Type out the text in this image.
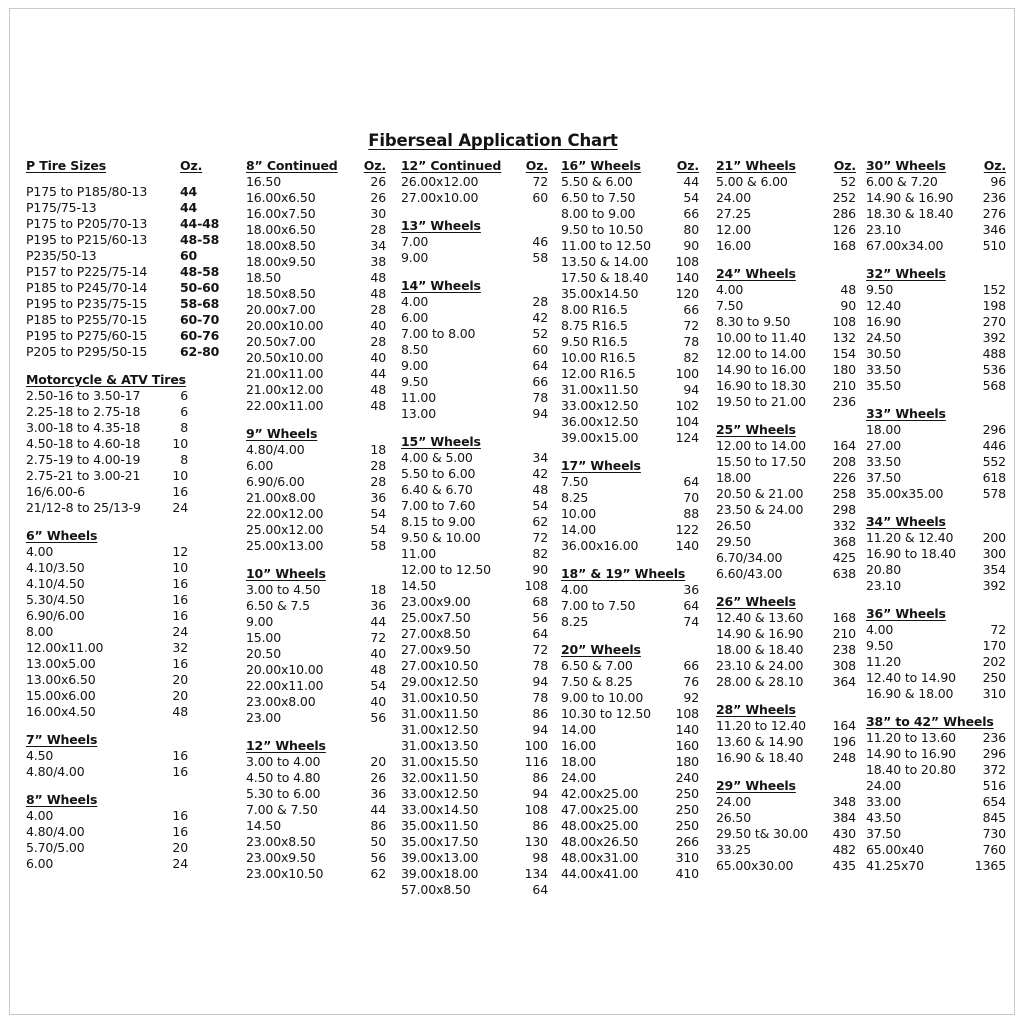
Fiberseal Application Chart
P Tire Sizes	Oz.
P175 to P185/80-13	44
P175/75-13	44
P175 to P205/70-13	44-48
P195 to P215/60-13	48-58
P235/50-13	60
P157 to P225/75-14	48-58
P185 to P245/70-14	50-60
P195 to P235/75-15	58-68
P185 to P255/70-15	60-70
P195 to P275/60-15	60-76
P205 to P295/50-15	62-80
Motorcycle & ATV Tires
2.50-16 to 3.50-17	6
2.25-18 to 2.75-18	6
3.00-18 to 4.35-18	8
4.50-18 to 4.60-18	10
2.75-19 to 4.00-19	8
2.75-21 to 3.00-21	10
16/6.00-6	16
21/12-8 to 25/13-9	24
6” Wheels
4.00	12
4.10/3.50	10
4.10/4.50	16
5.30/4.50	16
6.90/6.00	16
8.00	24
12.00x11.00	32
13.00x5.00	16
13.00x6.50	20
15.00x6.00	20
16.00x4.50	48
7” Wheels
4.50	16
4.80/4.00	16
8” Wheels
4.00	16
4.80/4.00	16
5.70/5.00	20
6.00	24
8” Continued	Oz.
16.50	26
16.00x6.50	26
16.00x7.50	30
18.00x6.50	28
18.00x8.50	34
18.00x9.50	38
18.50	48
18.50x8.50	48
20.00x7.00	28
20.00x10.00	40
20.50x7.00	28
20.50x10.00	40
21.00x11.00	44
21.00x12.00	48
22.00x11.00	48
9” Wheels
4.80/4.00	18
6.00	28
6.90/6.00	28
21.00x8.00	36
22.00x12.00	54
25.00x12.00	54
25.00x13.00	58
10” Wheels
3.00 to 4.50	18
6.50 & 7.5	36
9.00	44
15.00	72
20.50	40
20.00x10.00	48
22.00x11.00	54
23.00x8.00	40
23.00	56
12” Wheels
3.00 to 4.00	20
4.50 to 4.80	26
5.30 to 6.00	36
7.00 & 7.50	44
14.50	86
23.00x8.50	50
23.00x9.50	56
23.00x10.50	62
12” Continued	Oz.
26.00x12.00	72
27.00x10.00	60
13” Wheels
7.00	46
9.00	58
14” Wheels
4.00	28
6.00	42
7.00 to 8.00	52
8.50	60
9.00	64
9.50	66
11.00	78
13.00	94
15” Wheels
4.00 & 5.00	34
5.50 to 6.00	42
6.40 & 6.70	48
7.00 to 7.60	54
8.15 to 9.00	62
9.50 & 10.00	72
11.00	82
12.00 to 12.50	90
14.50	108
23.00x9.00	68
25.00x7.50	56
27.00x8.50	64
27.00x9.50	72
27.00x10.50	78
29.00x12.50	94
31.00x10.50	78
31.00x11.50	86
31.00x12.50	94
31.00x13.50	100
31.00x15.50	116
32.00x11.50	86
33.00x12.50	94
33.00x14.50	108
35.00x11.50	86
35.00x17.50	130
39.00x13.00	98
39.00x18.00	134
57.00x8.50	64
16” Wheels	Oz.
5.50 & 6.00	44
6.50 to 7.50	54
8.00 to 9.00	66
9.50 to 10.50	80
11.00 to 12.50	90
13.50 & 14.00	108
17.50 & 18.40	140
35.00x14.50	120
8.00 R16.5	66
8.75 R16.5	72
9.50 R16.5	78
10.00 R16.5	82
12.00 R16.5	100
31.00x11.50	94
33.00x12.50	102
36.00x12.50	104
39.00x15.00	124
17” Wheels
7.50	64
8.25	70
10.00	88
14.00	122
36.00x16.00	140
18” & 19” Wheels
4.00	36
7.00 to 7.50	64
8.25	74
20” Wheels
6.50 & 7.00	66
7.50 & 8.25	76
9.00 to 10.00	92
10.30 to 12.50	108
14.00	140
16.00	160
18.00	180
24.00	240
42.00x25.00	250
47.00x25.00	250
48.00x25.00	250
48.00x26.50	266
48.00x31.00	310
44.00x41.00	410
21” Wheels	Oz.
5.00 & 6.00	52
24.00	252
27.25	286
12.00	126
16.00	168
24” Wheels
4.00	48
7.50	90
8.30 to 9.50	108
10.00 to 11.40	132
12.00 to 14.00	154
14.90 to 16.00	180
16.90 to 18.30	210
19.50 to 21.00	236
25” Wheels
12.00 to 14.00	164
15.50 to 17.50	208
18.00	226
20.50 & 21.00	258
23.50 & 24.00	298
26.50	332
29.50	368
6.70/34.00	425
6.60/43.00	638
26” Wheels
12.40 & 13.60	168
14.90 & 16.90	210
18.00 & 18.40	238
23.10 & 24.00	308
28.00 & 28.10	364
28” Wheels
11.20 to 12.40	164
13.60 & 14.90	196
16.90 & 18.40	248
29” Wheels
24.00	348
26.50	384
29.50 t& 30.00	430
33.25	482
65.00x30.00	435
30” Wheels	Oz.
6.00 & 7.20	96
14.90 & 16.90	236
18.30 & 18.40	276
23.10	346
67.00x34.00	510
32” Wheels
9.50	152
12.40	198
16.90	270
24.50	392
30.50	488
33.50	536
35.50	568
33” Wheels
18.00	296
27.00	446
33.50	552
37.50	618
35.00x35.00	578
34” Wheels
11.20 & 12.40	200
16.90 to 18.40	300
20.80	354
23.10	392
36” Wheels
4.00	72
9.50	170
11.20	202
12.40 to 14.90	250
16.90 & 18.00	310
38” to 42” Wheels
11.20 to 13.60	236
14.90 to 16.90	296
18.40 to 20.80	372
24.00	516
33.00	654
43.50	845
37.50	730
65.00x40	760
41.25x70	1365
